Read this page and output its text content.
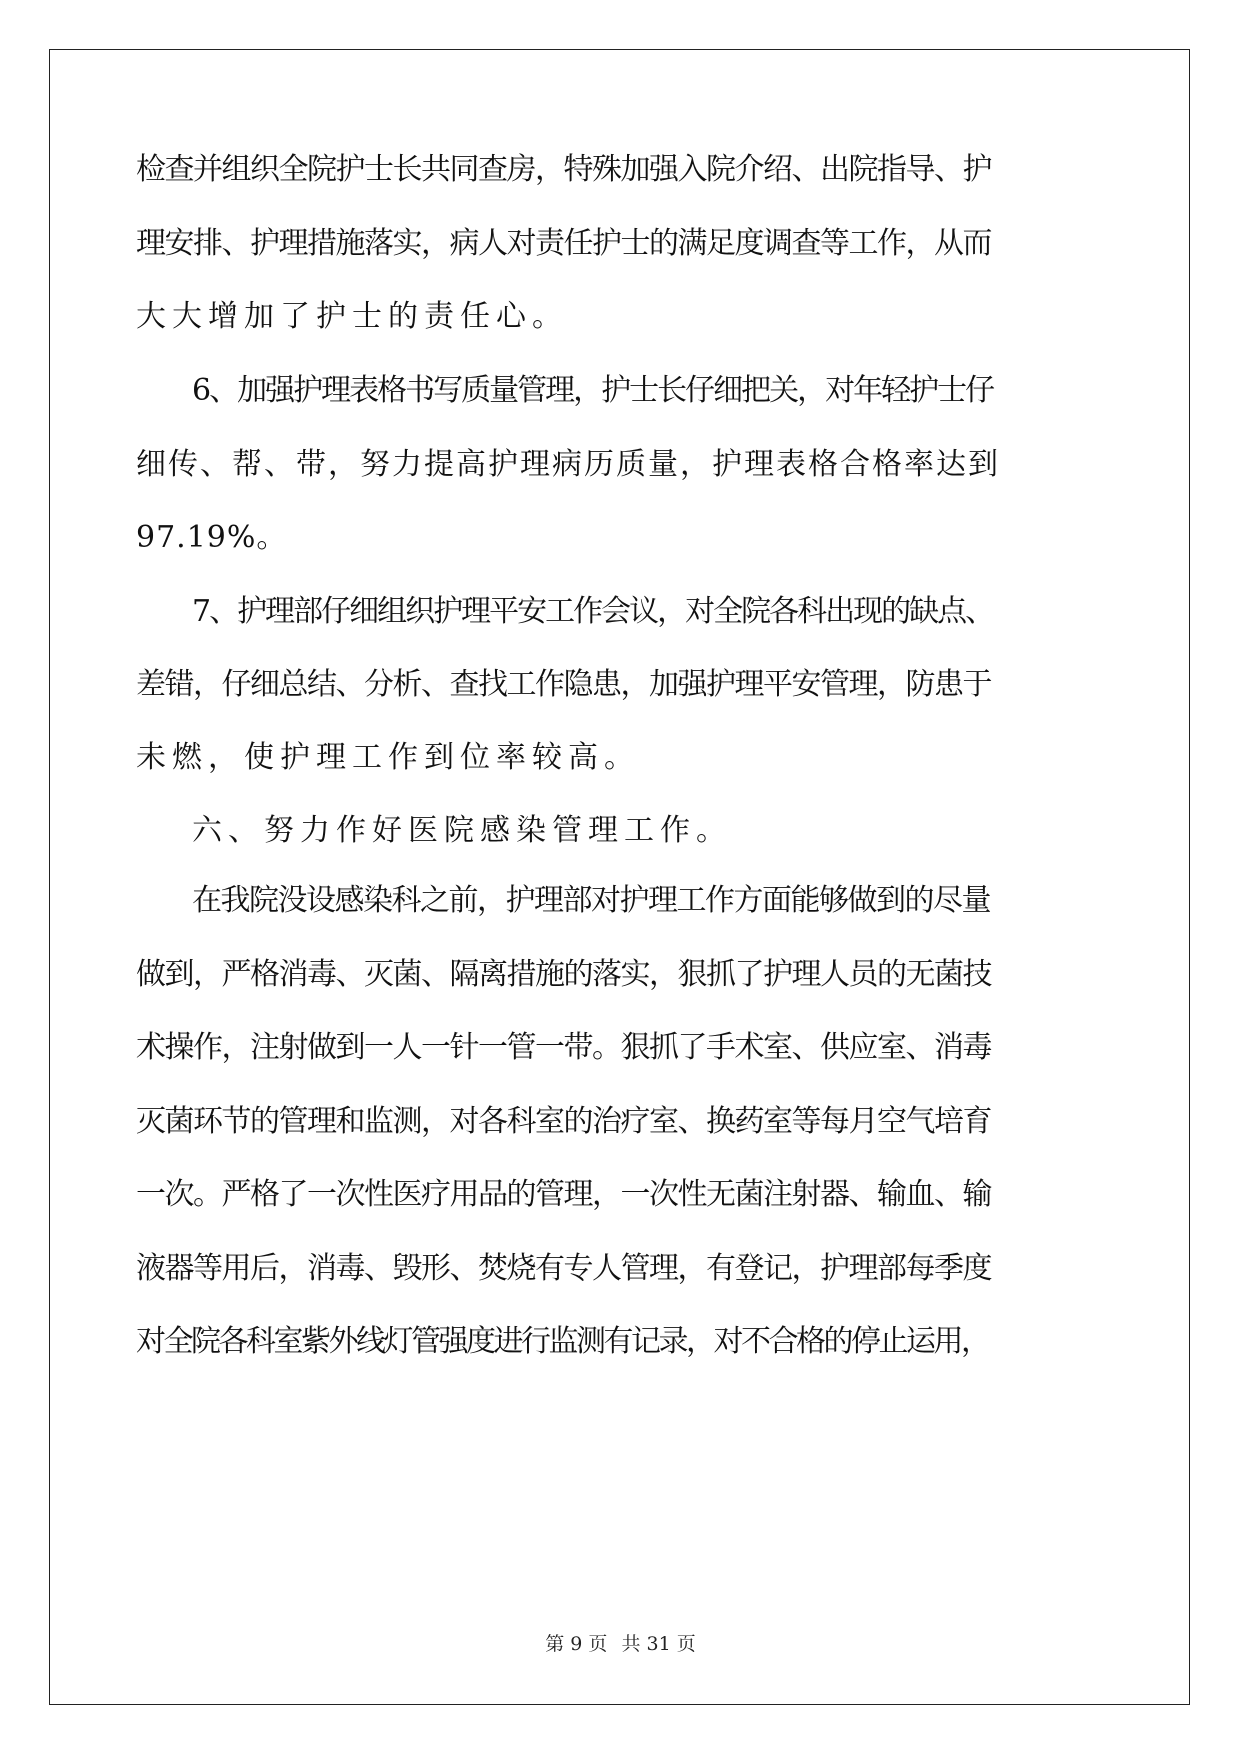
检查并组织全院护士长共同查房，特殊加强入院介绍、出院指导、护
理安排、护理措施落实，病人对责任护士的满足度调查等工作，从而
大大增加了护士的责任心。
6、加强护理表格书写质量管理，护士长仔细把关，对年轻护士仔
细传、帮、带，努力提高护理病历质量，护理表格合格率达到
97.19%。
7、护理部仔细组织护理平安工作会议，对全院各科出现的缺点、
差错，仔细总结、分析、查找工作隐患，加强护理平安管理，防患于
未燃，使护理工作到位率较高。
六、努力作好医院感染管理工作。
在我院没设感染科之前，护理部对护理工作方面能够做到的尽量
做到，严格消毒、灭菌、隔离措施的落实，狠抓了护理人员的无菌技
术操作，注射做到一人一针一管一带。狠抓了手术室、供应室、消毒
灭菌环节的管理和监测，对各科室的治疗室、换药室等每月空气培育
一次。严格了一次性医疗用品的管理，一次性无菌注射器、输血、输
液器等用后，消毒、毁形、焚烧有专人管理，有登记，护理部每季度
对全院各科室紫外线灯管强度进行监测有记录，对不合格的停止运用，
第 9 页 共 31 页
